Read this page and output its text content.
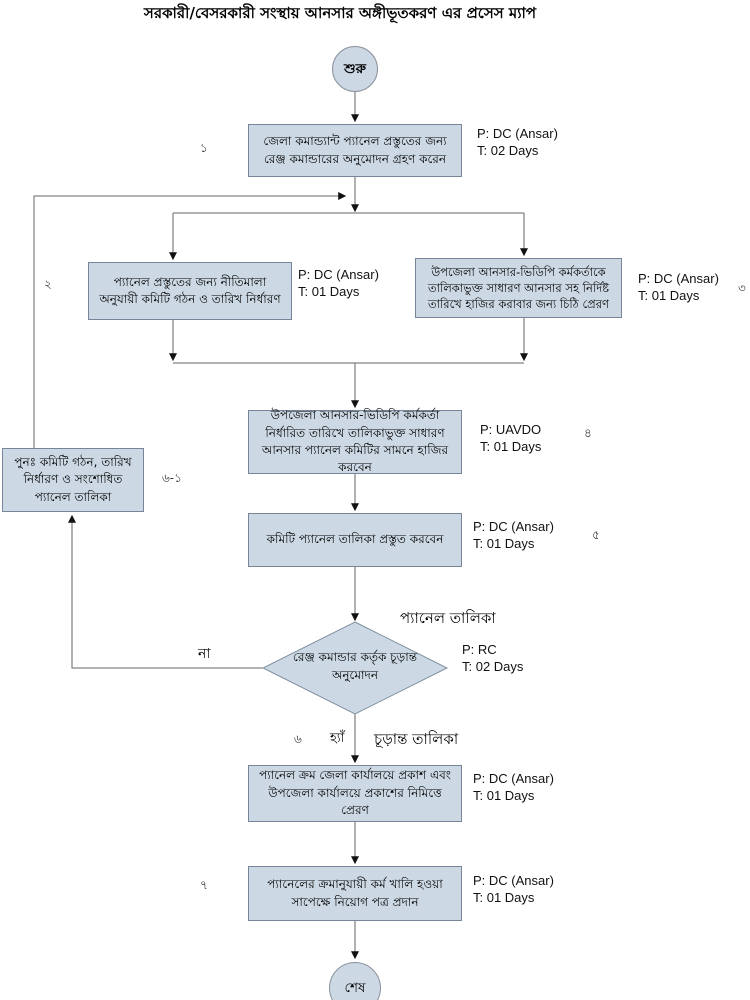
সরকারী/বেসরকারী সংস্থায় আনসার অঙ্গীভূতকরণ এর প্রসেস ম্যাপ
শুরু
শেষ
জেলা কমান্ড্যান্ট প্যানেল প্রস্তুতের জন্য রেঞ্জ কমান্ডারের অনুমোদন গ্রহণ করেন
১
P: DC (Ansar)
T: 02 Days
প্যানেল প্রস্তুতের জন্য নীতিমালা অনুযায়ী কমিটি গঠন ও তারিখ নির্ধারণ
২
P: DC (Ansar)
T: 01 Days
উপজেলা আনসার-ভিডিপি কর্মকর্তাকে তালিকাভুক্ত সাধারণ আনসার সহ নির্দিষ্ট তারিখে হাজির করাবার জন্য চিঠি প্রেরণ
৩
P: DC (Ansar)
T: 01 Days
উপজেলা আনসার-ভিডিপি কর্মকর্তা নির্ধারিত তারিখে তালিকাভুক্ত সাধারণ আনসার প্যানেল কমিটির সামনে হাজির করবেন
৪
P: UAVDO
T: 01 Days
কমিটি প্যানেল তালিকা প্রস্তুত করবেন	৫
P: DC (Ansar)
T: 01 Days
পুনঃ কমিটি গঠন, তারিখ নির্ধারণ ও সংশোধিত প্যানেল তালিকা
৬-১
রেঞ্জ কমান্ডার কর্তৃক চূড়ান্ত অনুমোদন
প্যানেল তালিকা
P: RC
T: 02 Days
না
৬ হ্যাঁ চূড়ান্ত তালিকা
প্যানেল ক্রম জেলা কার্যালয়ে প্রকাশ এবং উপজেলা কার্যালয়ে প্রকাশের নিমিত্তে প্রেরণ
P: DC (Ansar)
T: 01 Days
প্যানেলের ক্রমানুযায়ী কর্ম খালি হওয়া সাপেক্ষে নিয়োগ পত্র প্রদান
৭	P: DC (Ansar)
T: 01 Days
